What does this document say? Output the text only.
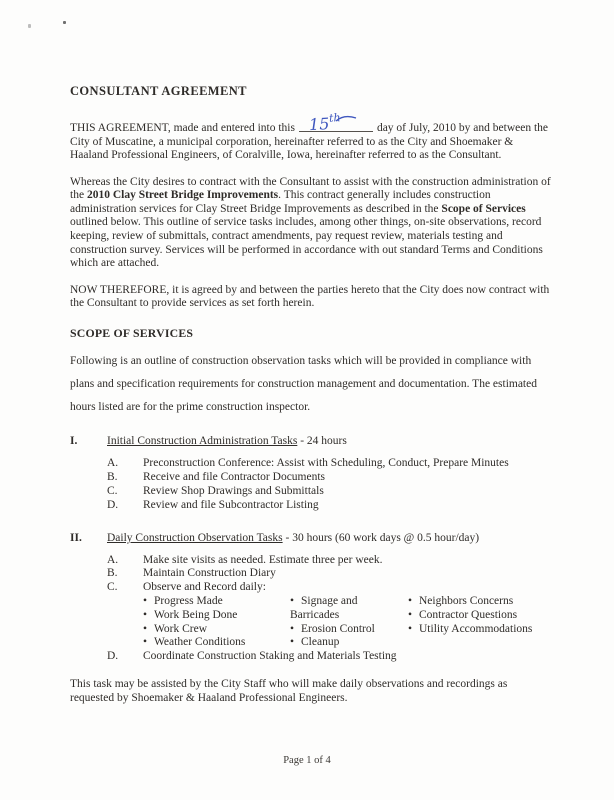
CONSULTANT AGREEMENT

THIS AGREEMENT, made and entered into this 15th
day of July, 2010 by and between the City of Muscatine, a municipal corporation, hereinafter referred to as the City and Shoemaker & Haaland Professional Engineers, of Coralville, Iowa, hereinafter referred to as the Consultant.

Whereas the City desires to contract with the Consultant to assist with the construction administration of the 2010 Clay Street Bridge Improvements. This contract generally includes construction administration services for Clay Street Bridge Improvements as described in the Scope of Services outlined below. This outline of service tasks includes, among other things, on-site observations, record keeping, review of submittals, contract amendments, pay request review, materials testing and construction survey. Services will be performed in accordance with out standard Terms and Conditions which are attached.

NOW THEREFORE, it is agreed by and between the parties hereto that the City does now contract with the Consultant to provide services as set forth herein.

SCOPE OF SERVICES

Following is an outline of construction observation tasks which will be provided in compliance with plans and specification requirements for construction management and documentation. The estimated hours listed are for the prime construction inspector.

I.	Initial Construction Administration Tasks - 24 hours
A.	Preconstruction Conference: Assist with Scheduling, Conduct, Prepare Minutes
B.	Receive and file Contractor Documents
C.	Review Shop Drawings and Submittals
D.	Review and file Subcontractor Listing
II.	Daily Construction Observation Tasks - 30 hours (60 work days @ 0.5 hour/day)
A.	Make site visits as needed. Estimate three per week.
B.	Maintain Construction Diary
C.	Observe and Record daily:
• Progress Made
• Work Being Done
• Work Crew
• Weather Conditions
• Signage and Barricades
• Erosion Control
• Cleanup
• Neighbors Concerns
• Contractor Questions
• Utility Accommodations
D.	Coordinate Construction Staking and Materials Testing

This task may be assisted by the City Staff who will make daily observations and recordings as requested by Shoemaker & Haaland Professional Engineers.

Page 1 of 4
